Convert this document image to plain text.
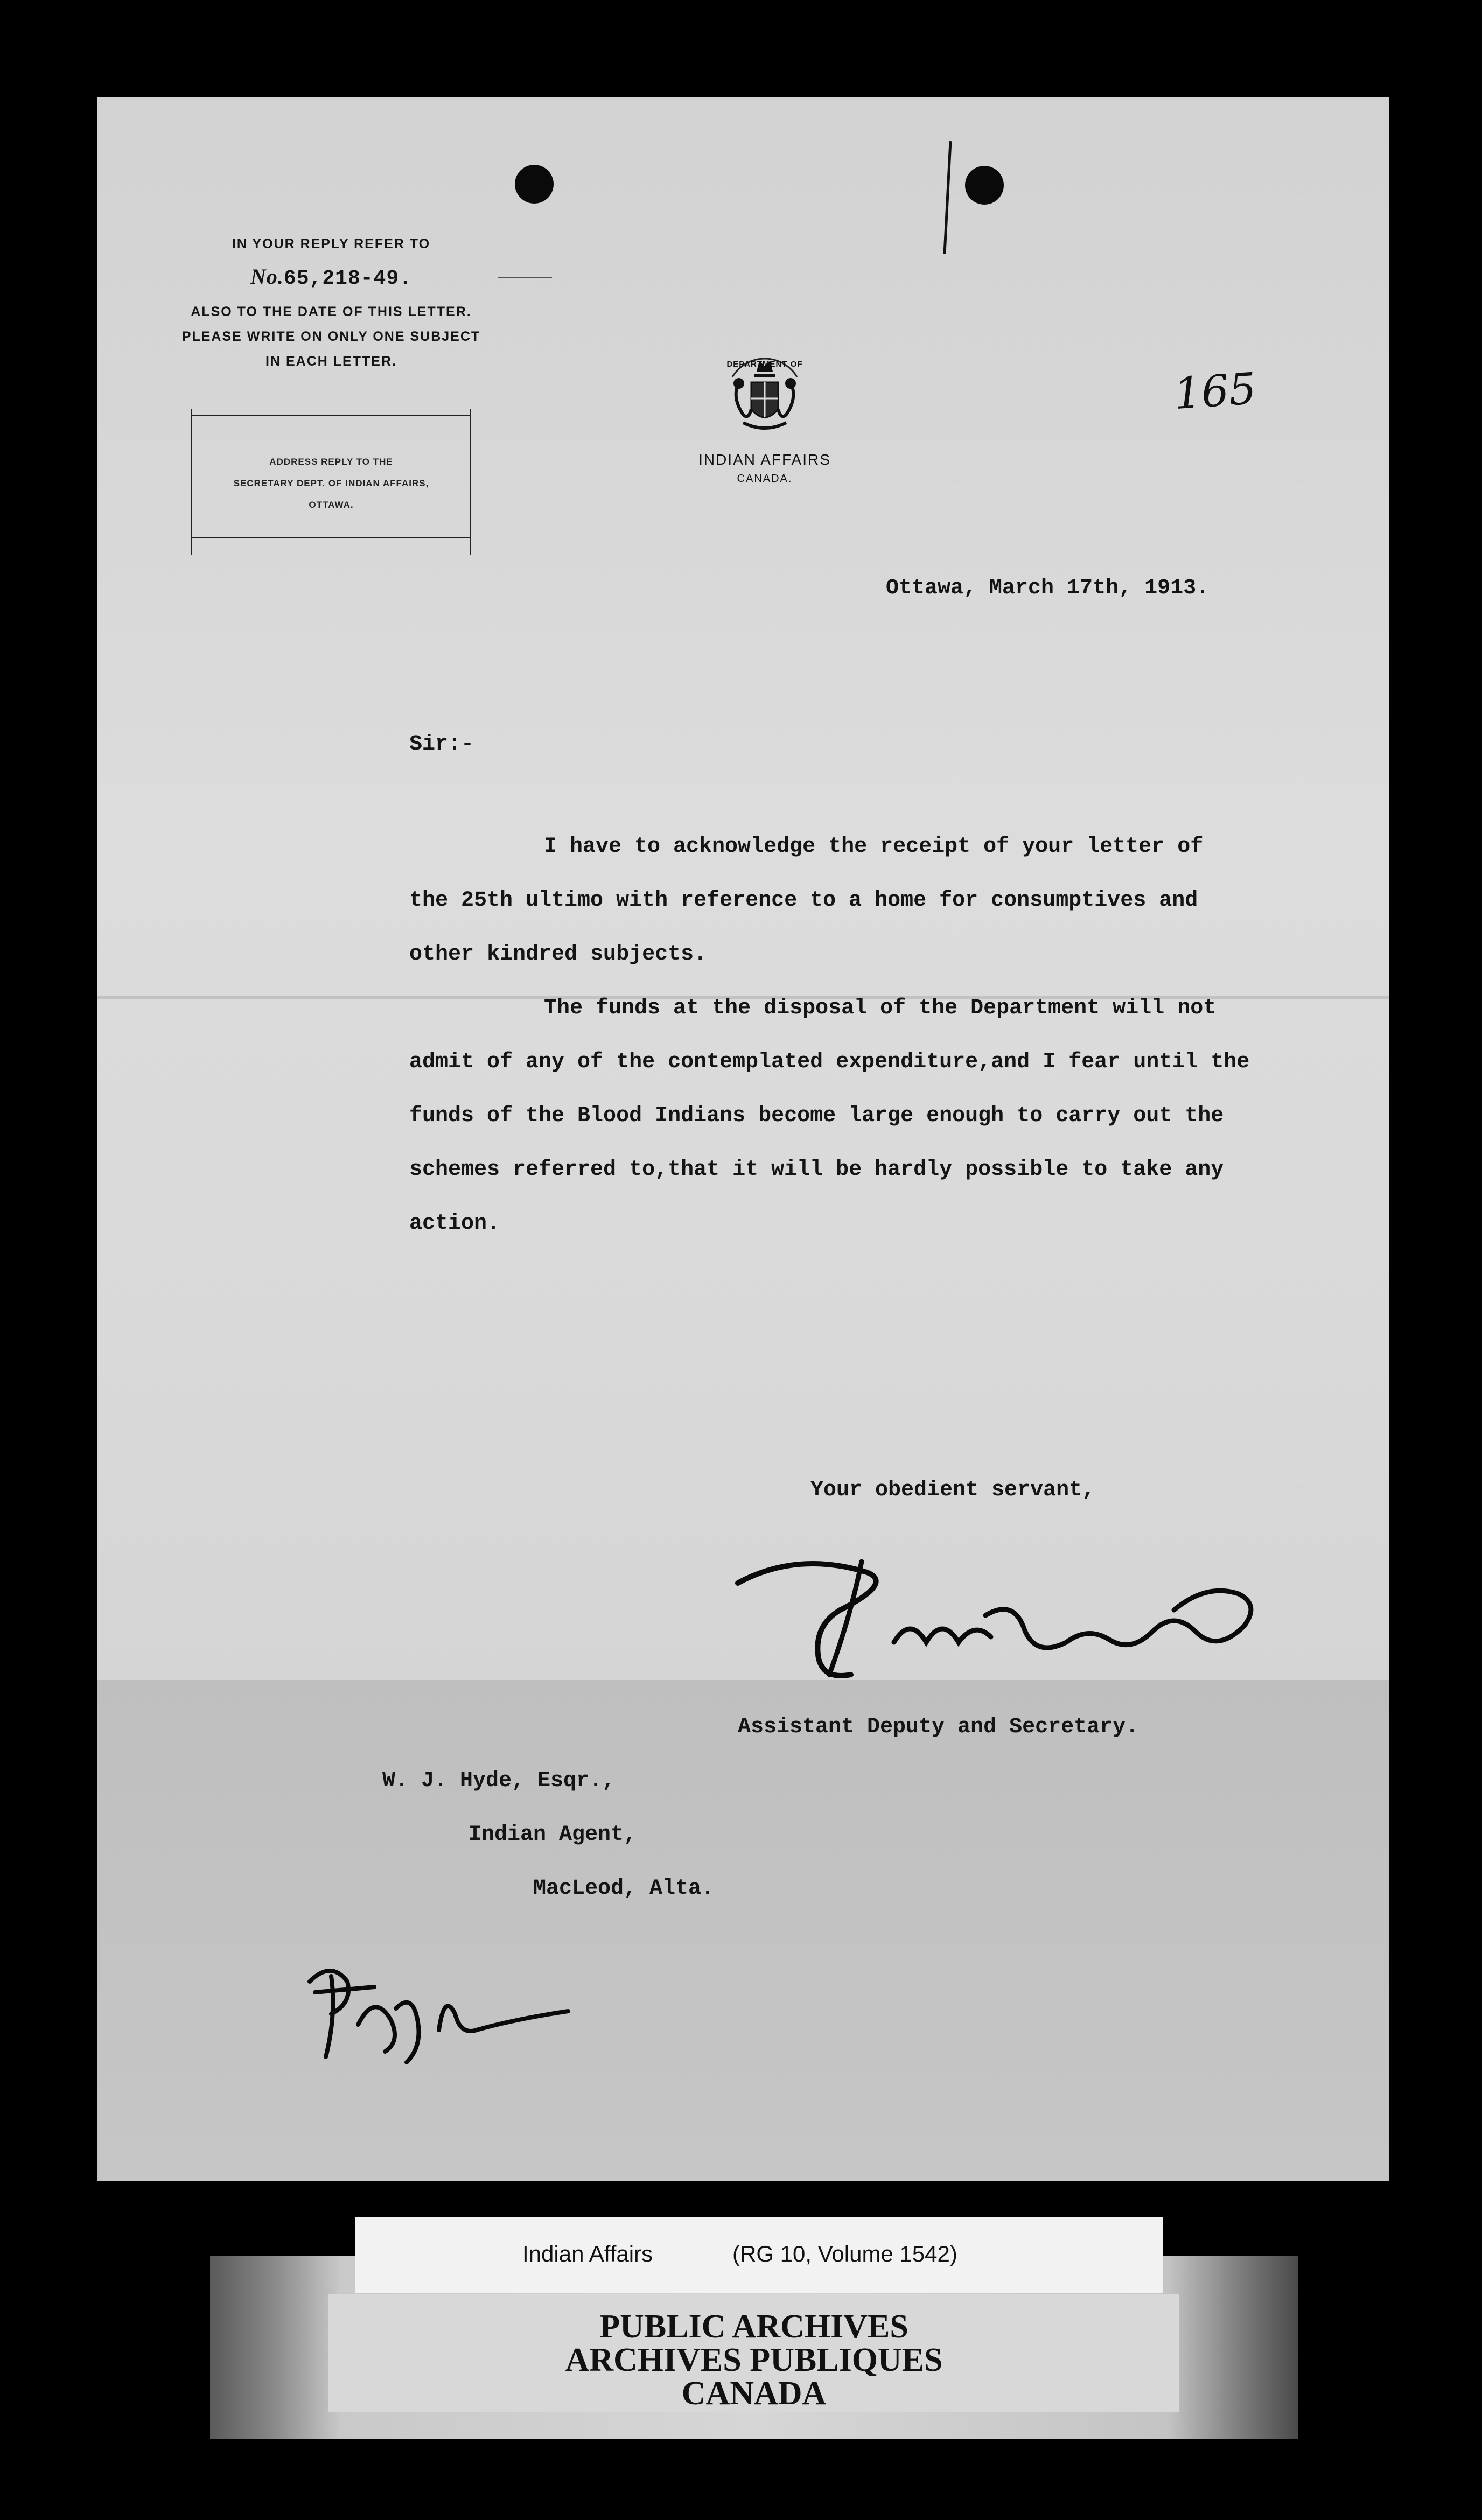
IN YOUR REPLY REFER TO
No.65,218-49.
ALSO TO THE DATE OF THIS LETTER.
PLEASE WRITE ON ONLY ONE SUBJECT
IN EACH LETTER.
ADDRESS REPLY TO THE
SECRETARY DEPT. OF INDIAN AFFAIRS,
OTTAWA.
DEPARTMENT OF
INDIAN AFFAIRS
CANADA.
165
Ottawa, March 17th, 1913.
Sir:-
I have to acknowledge the receipt of your letter of
the 25th ultimo with reference to a home for consumptives and
other kindred subjects.
The funds at the disposal of the Department will not
admit of any of the contemplated expenditure,and I fear until the
funds of the Blood Indians become large enough to carry out the
schemes referred to,that it will be hardly possible to take any
action.
Your obedient servant,
Assistant Deputy and Secretary.
W. J. Hyde, Esqr.,
Indian Agent,
MacLeod, Alta.
Indian Affairs	(RG 10, Volume 1542)
PUBLIC ARCHIVES
ARCHIVES PUBLIQUES
CANADA
